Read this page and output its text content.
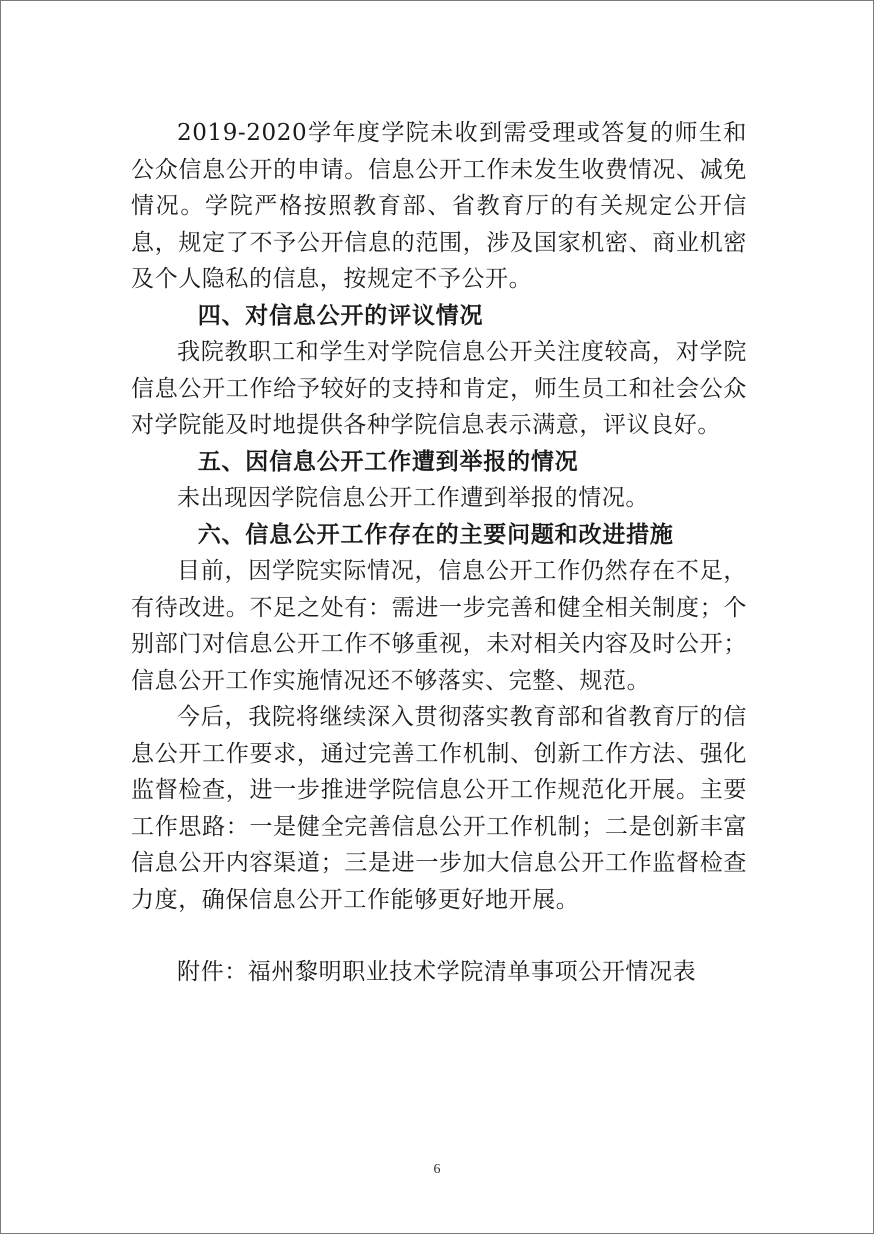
2019-2020学年度学院未收到需受理或答复的师生和公众信息公开的申请。信息公开工作未发生收费情况、减免情况。学院严格按照教育部、省教育厅的有关规定公开信息，规定了不予公开信息的范围，涉及国家机密、商业机密及个人隐私的信息，按规定不予公开。

四、对信息公开的评议情况

我院教职工和学生对学院信息公开关注度较高，对学院信息公开工作给予较好的支持和肯定，师生员工和社会公众对学院能及时地提供各种学院信息表示满意，评议良好。

五、因信息公开工作遭到举报的情况

未出现因学院信息公开工作遭到举报的情况。

六、信息公开工作存在的主要问题和改进措施

目前，因学院实际情况，信息公开工作仍然存在不足，有待改进。不足之处有：需进一步完善和健全相关制度；个别部门对信息公开工作不够重视，未对相关内容及时公开；信息公开工作实施情况还不够落实、完整、规范。

今后，我院将继续深入贯彻落实教育部和省教育厅的信息公开工作要求，通过完善工作机制、创新工作方法、强化监督检查，进一步推进学院信息公开工作规范化开展。主要工作思路：一是健全完善信息公开工作机制；二是创新丰富信息公开内容渠道；三是进一步加大信息公开工作监督检查力度，确保信息公开工作能够更好地开展。

附件：福州黎明职业技术学院清单事项公开情况表

6
